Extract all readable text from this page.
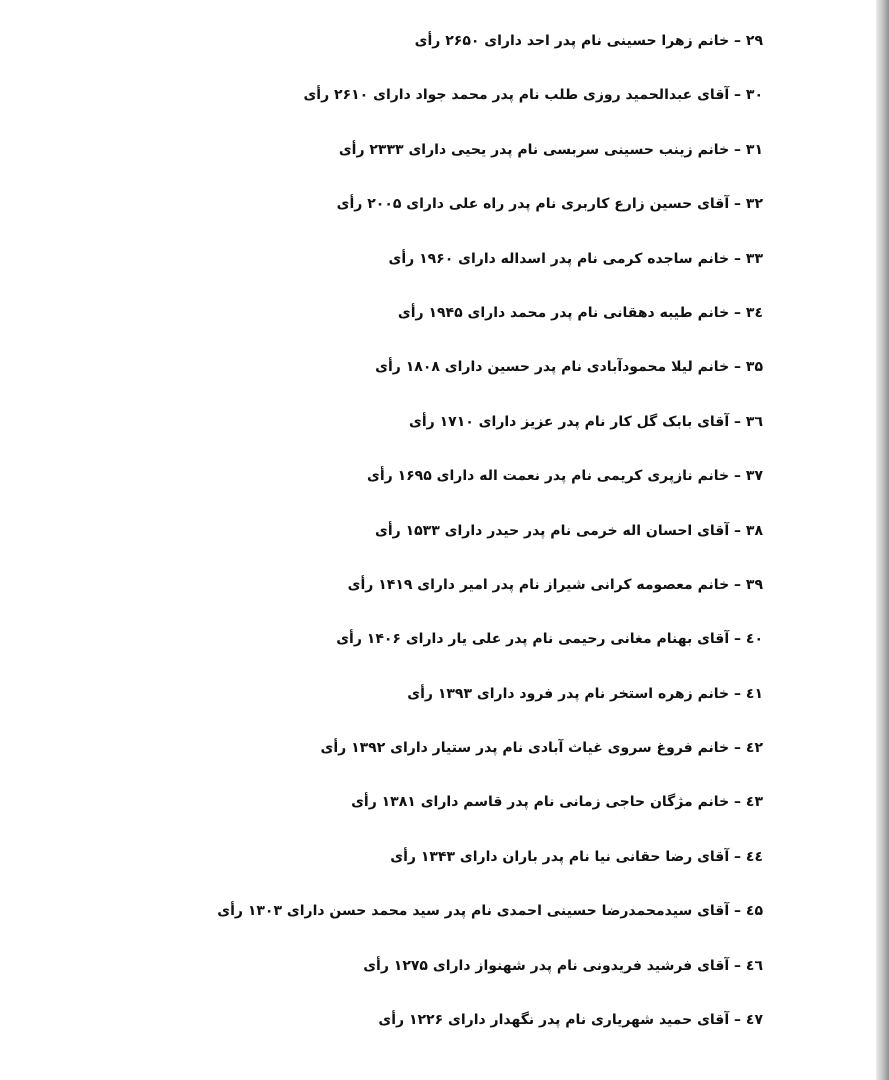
۲۹ – خانم زهرا حسینی نام پدر احد دارای ۲۶۵۰ رأی
۳۰ – آقای عبدالحمید روزی طلب نام پدر محمد جواد دارای ۲۶۱۰ رأی
۳۱ – خانم زینب حسینی سربسی نام پدر یحیی دارای ۲۳۳۳ رأی
۳۲ – آقای حسین زارع کاربری نام پدر راه علی دارای ۲۰۰۵ رأی
۳۳ – خانم ساجده کرمی نام پدر اسداله دارای ۱۹۶۰ رأی
۳٤ – خانم طیبه دهقانی نام پدر محمد دارای ۱۹۴۵ رأی
۳۵ – خانم لیلا محمودآبادی نام پدر حسین دارای ۱۸۰۸ رأی
۳٦ – آقای بابک گل کار نام پدر عزیز دارای ۱۷۱۰ رأی
۳۷ – خانم نازپری کریمی نام پدر نعمت اله دارای ۱۶۹۵ رأی
۳۸ – آقای احسان اله خرمی نام پدر حیدر دارای ۱۵۳۳ رأی
۳۹ – خانم معصومه کرانی شیراز نام پدر امیر دارای ۱۴۱۹ رأی
٤۰ – آقای بهنام مغانی رحیمی نام پدر علی یار دارای ۱۴۰۶ رأی
٤۱ – خانم زهره استخر نام پدر فرود دارای ۱۳۹۳ رأی
٤۲ – خانم فروغ سروی غیاث آبادی نام پدر ستیار دارای ۱۳۹۲ رأی
٤۳ – خانم مژگان حاجی زمانی نام پدر قاسم دارای ۱۳۸۱ رأی
٤٤ – آقای رضا حقانی نیا نام پدر باران دارای ۱۳۴۳ رأی
٤۵ – آقای سیدمحمدرضا حسینی احمدی نام پدر سید محمد حسن دارای ۱۳۰۳ رأی
٤٦ – آقای فرشید فریدونی نام پدر شهنواز دارای ۱۲۷۵ رأی
٤۷ – آقای حمید شهریاری نام پدر نگهدار دارای ۱۲۲۶ رأی
